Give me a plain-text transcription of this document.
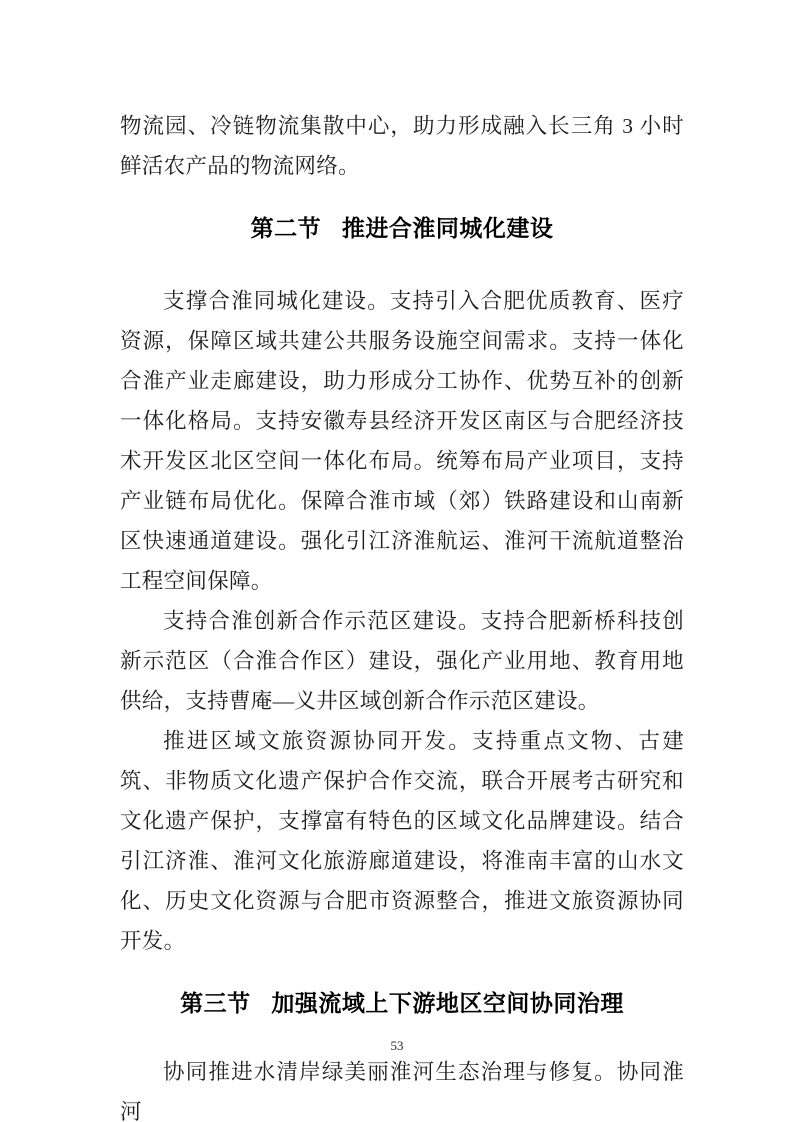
物流园、冷链物流集散中心，助力形成融入长三角 3 小时鲜活农产品的物流网络。

第二节 推进合淮同城化建设

支撑合淮同城化建设。支持引入合肥优质教育、医疗资源，保障区域共建公共服务设施空间需求。支持一体化合淮产业走廊建设，助力形成分工协作、优势互补的创新一体化格局。支持安徽寿县经济开发区南区与合肥经济技术开发区北区空间一体化布局。统筹布局产业项目，支持产业链布局优化。保障合淮市域（郊）铁路建设和山南新区快速通道建设。强化引江济淮航运、淮河干流航道整治工程空间保障。

支持合淮创新合作示范区建设。支持合肥新桥科技创新示范区（合淮合作区）建设，强化产业用地、教育用地供给，支持曹庵—义井区域创新合作示范区建设。

推进区域文旅资源协同开发。支持重点文物、古建筑、非物质文化遗产保护合作交流，联合开展考古研究和文化遗产保护，支撑富有特色的区域文化品牌建设。结合引江济淮、淮河文化旅游廊道建设，将淮南丰富的山水文化、历史文化资源与合肥市资源整合，推进文旅资源协同开发。

第三节 加强流域上下游地区空间协同治理

协同推进水清岸绿美丽淮河生态治理与修复。协同淮河

53
